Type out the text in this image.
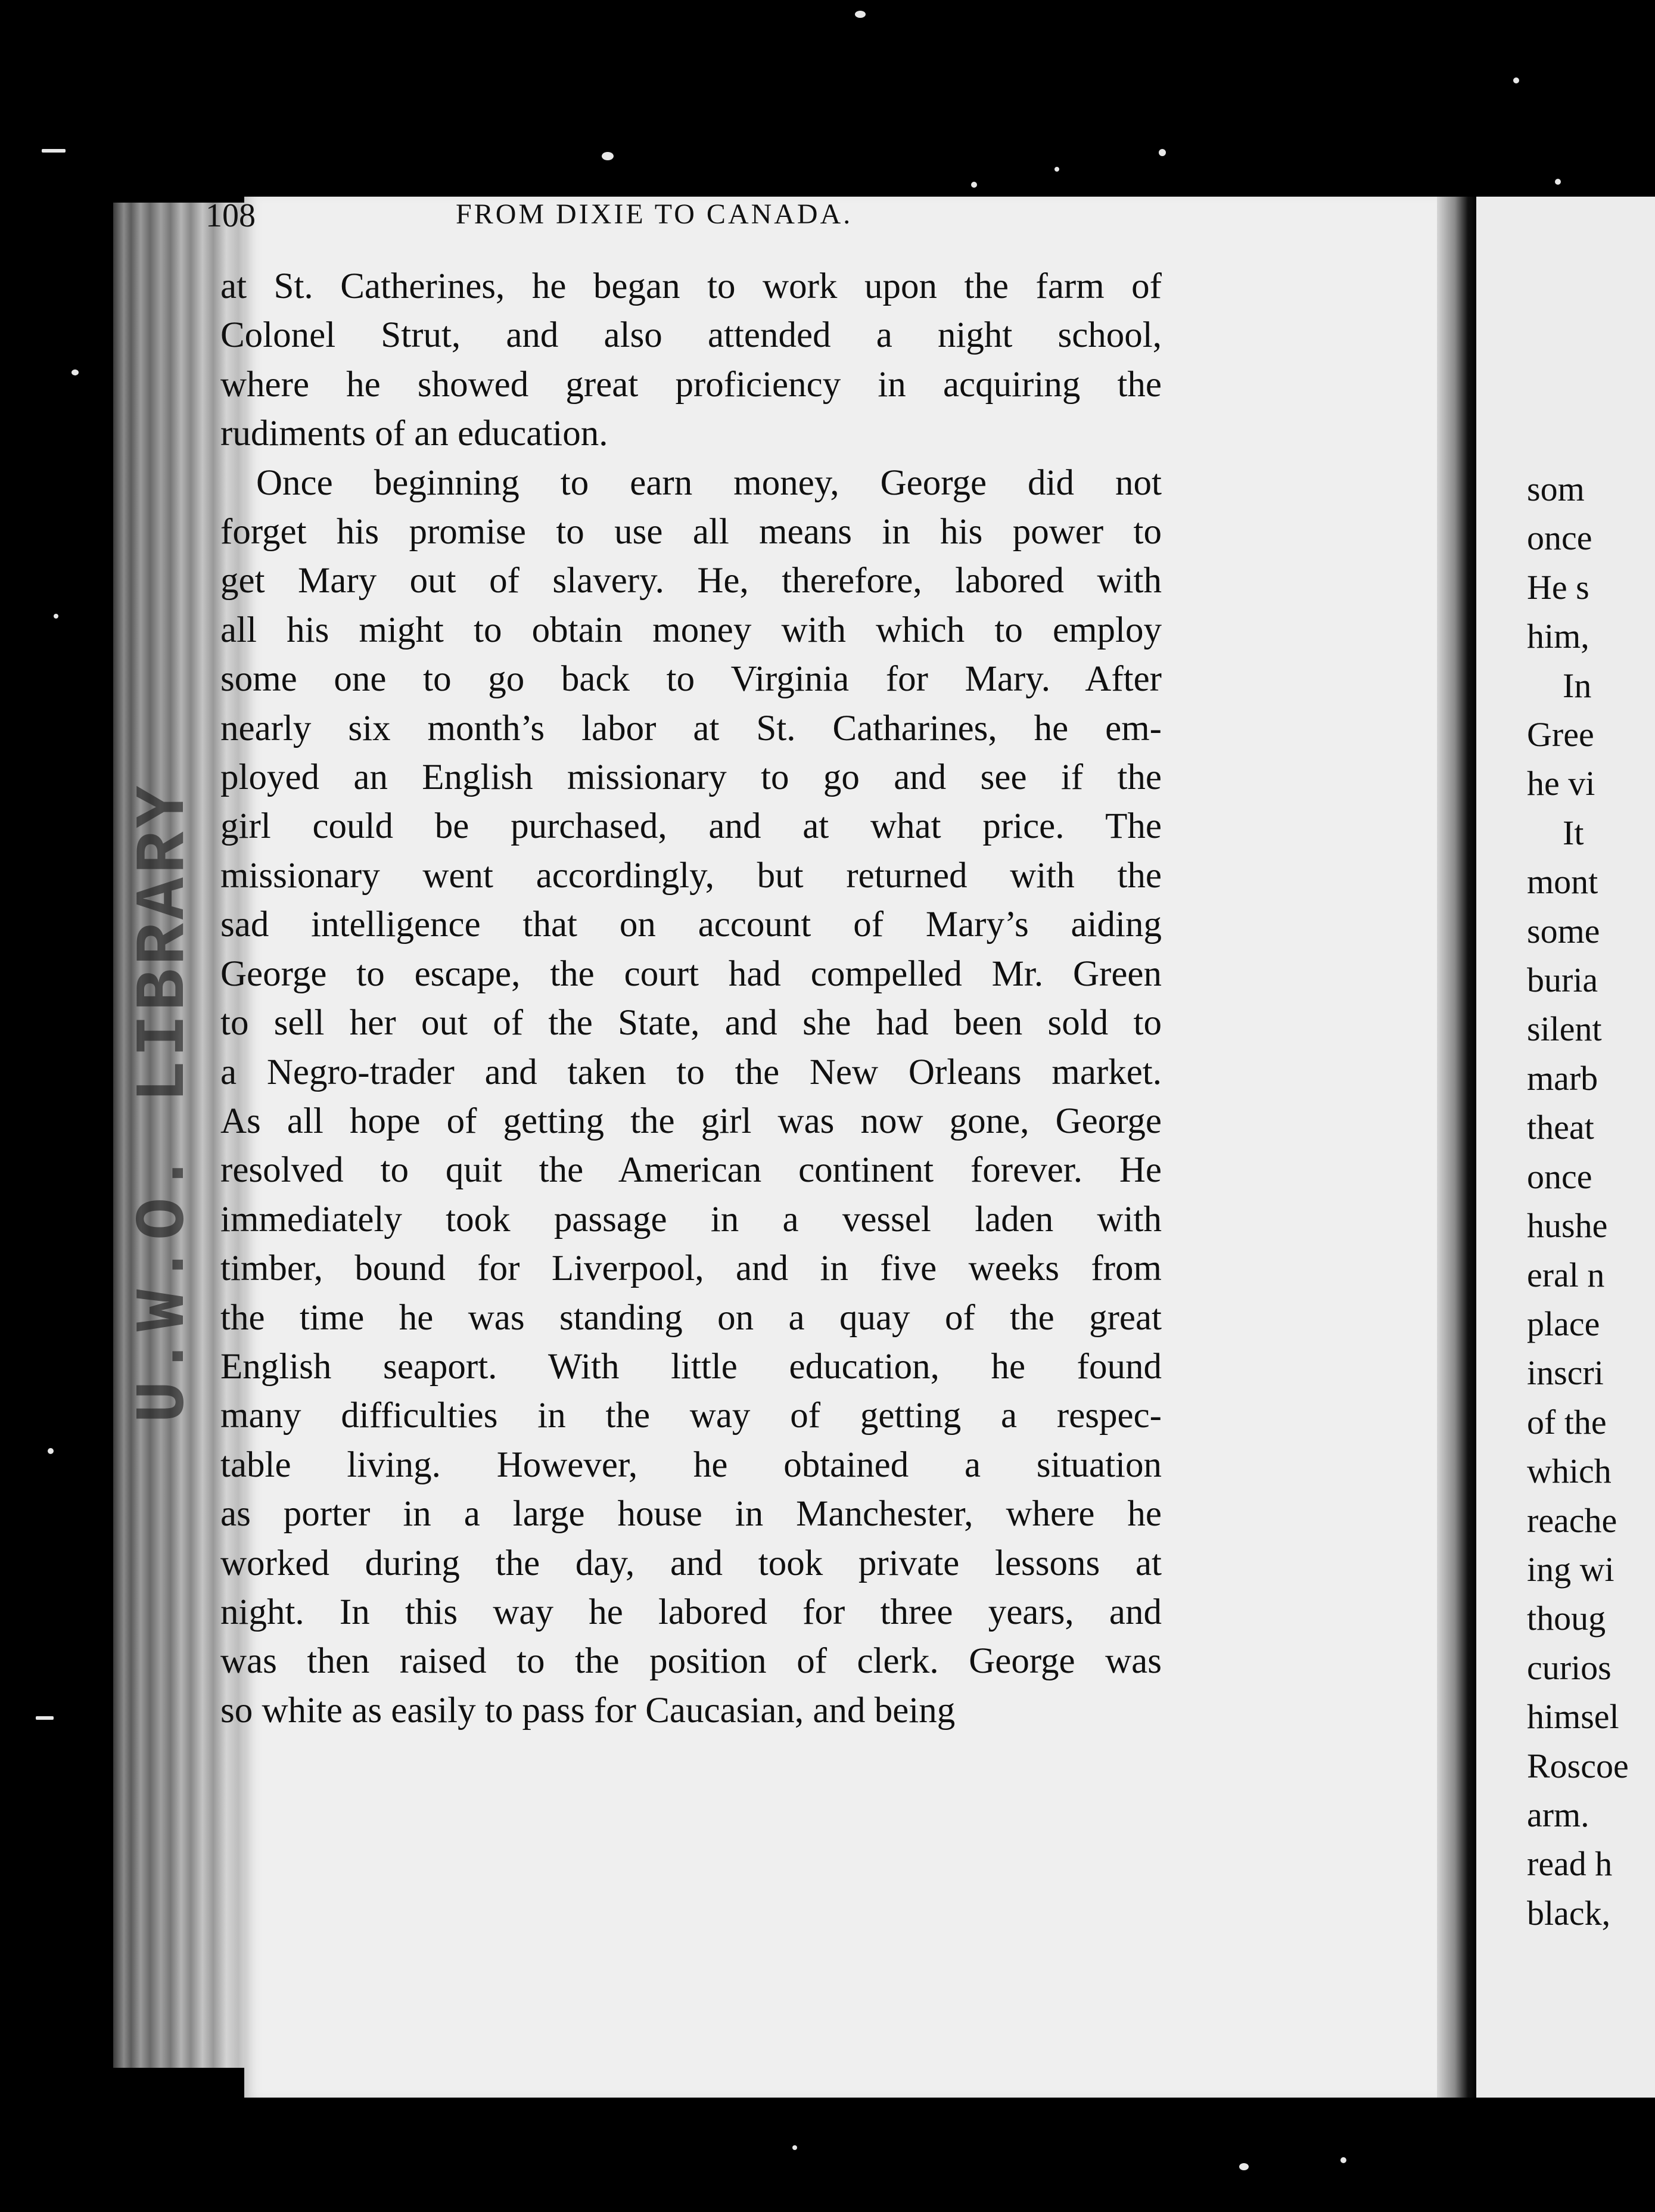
U.W.O. LIBRARY
som
once
He s
him,
In
Gree
he vi
It
mont
some
buria
silent
marb
theat
once
hushe
eral n
place
inscri
of the
which
reache
ing wi
thoug
curios
himsel
Roscoe
arm.
read h
black,
108	FROM DIXIE TO CANADA.
at St. Catherines, he began to work upon the farm of
Colonel Strut, and also attended a night school,
where he showed great proficiency in acquiring the
rudiments of an education.
Once beginning to earn money, George did not
forget his promise to use all means in his power to
get Mary out of slavery. He, therefore, labored with
all his might to obtain money with which to employ
some one to go back to Virginia for Mary. After
nearly six month’s labor at St. Catharines, he em-
ployed an English missionary to go and see if the
girl could be purchased, and at what price. The
missionary went accordingly, but returned with the
sad intelligence that on account of Mary’s aiding
George to escape, the court had compelled Mr. Green
to sell her out of the State, and she had been sold to
a Negro-trader and taken to the New Orleans market.
As all hope of getting the girl was now gone, George
resolved to quit the American continent forever. He
immediately took passage in a vessel laden with
timber, bound for Liverpool, and in five weeks from
the time he was standing on a quay of the great
English seaport. With little education, he found
many difficulties in the way of getting a respec-
table living. However, he obtained a situation
as porter in a large house in Manchester, where he
worked during the day, and took private lessons at
night. In this way he labored for three years, and
was then raised to the position of clerk. George was
so white as easily to pass for Caucasian, and being
